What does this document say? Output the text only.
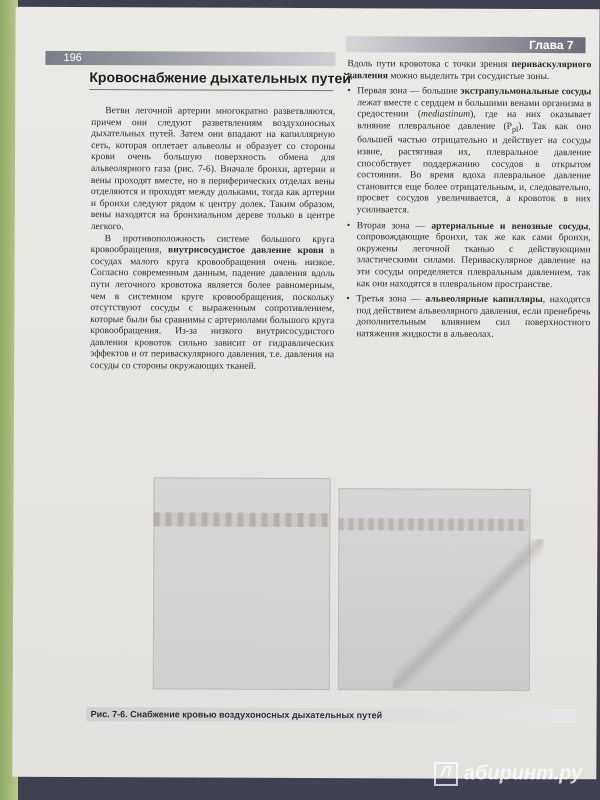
196
Глава 7
Кровоснабжение дыхательных путей

Ветви легочной артерии многократно разветвляются, причем они следуют разветвлениям воздухоносных дыхательных путей. Затем они впадают на капиллярную сеть, которая оплетает альвеолы и образует со стороны крови очень большую поверхность обмена для альвеолярного газа (рис. 7-6). Вначале бронхи, артерии и вены проходят вместе, но в периферических отделах вены отделяются и проходят между дольками, тогда как артерии и бронхи следуют рядом к центру долек. Таким образом, вены находятся на бронхиальном дереве только в центре легкого.

В противоположность системе большого круга кровообращения, внутрисосудистое давление крови в сосудах малого круга кровообращения очень низкое. Согласно современным данным, падение давления вдоль пути легочного кровотока является более равномерным, чем в системном круге кровообращения, поскольку отсутствуют сосуды с выраженным сопротивлением, которые были бы сравнимы с артериолами большого круга кровообращения. Из-за низкого внутрисосудистого давления кровоток сильно зависит от гидравлических эффектов и от периваскулярного давления, т.е. давления на сосуды со стороны окружающих тканей.

Вдоль пути кровотока с точки зрения периваскулярного давления можно выделить три сосудистые зоны.

• Первая зона — большие экстрапульмональные сосуды лежат вместе с сердцем и большими венами организма в средостении (mediastinum), где на них оказывает влияние плевральное давление $(P_{pl})$. Так как оно большей частью отрицательно и действует на сосуды извне, растягивая их, плевральное давление способствует поддержанию сосудов в открытом состоянии. Во время вдоха плевральное давление становится еще более отрицательным, и, следовательно, просвет сосудов увеличивается, а кровоток в них усиливается.
• Вторая зона — артериальные и венозные сосуды, сопровождающие бронхи, так же как сами бронхи, окружены легочной тканью с действующими эластическими силами. Периваскулярное давление на эти сосуды определяется плевральным давлением, так как они находятся в плевральном пространстве.
• Третья зона — альвеолярные капилляры, находятся под действием альвеолярного давления, если пренебречь дополнительным влиянием сил поверхностного натяжения жидкости в альвеолах.
Рис. 7-6. Снабжение кровью воздухоносных дыхательных путей
Л абиринт.ру
